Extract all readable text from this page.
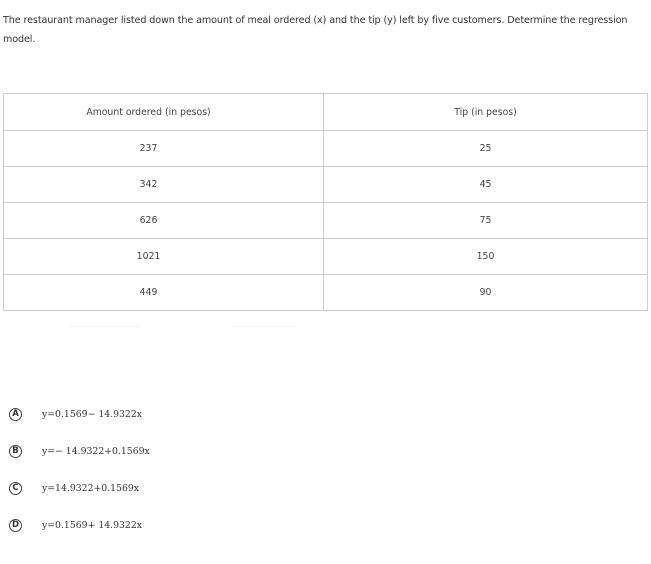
The restaurant manager listed down the amount of meal ordered (x) and the tip (y) left by five customers. Determine the regression model.
Amount ordered (in pesos)	Tip (in pesos)
237	25
342	45
626	75
1021	150
449	90
A	y=0.1569− 14.9322x
B	y=− 14.9322+0.1569x
C	y=14.9322+0.1569x
D	y=0.1569+ 14.9322x
